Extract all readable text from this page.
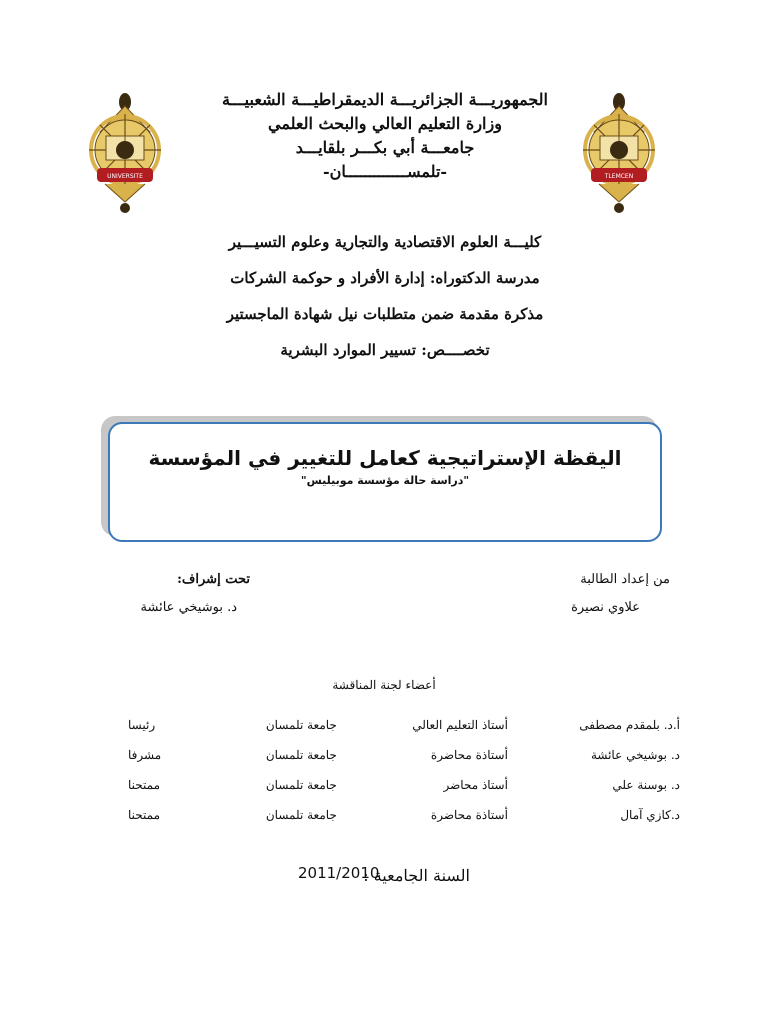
UNIVERSITE	TLEMCEN
الجمهوريـــة الجزائريـــة الديمقراطيـــة الشعبيـــة
وزارة التعليم العالي والبحث العلمي
جامعـــة أبي بكـــر بلقايـــد
-تلمســـــــــــــان-
كليـــة العلوم الاقتصادية والتجارية وعلوم التسيـــير
مدرسة الدكتوراه: إدارة الأفراد و حوكمة الشركات
مذكرة مقدمة ضمن متطلبات نيل شهادة الماجستير
تخصــــص: تسيير الموارد البشرية
اليقظة الإستراتيجية كعامل للتغيير في المؤسسة
"دراسة حالة مؤسسة موبيليس"
من إعداد الطالبة
علاوي نصيرة
تحت إشراف:
د. بوشيخي عائشة
أعضاء لجنة المناقشة
أ.د. بلمقدم مصطفى	أستاذ التعليم العالي	جامعة تلمسان	رئيسا
د. بوشيخي عائشة	أستاذة محاضرة	جامعة تلمسان	مشرفا
د. بوسنة علي	أستاذ محاضر	جامعة تلمسان	ممتحنا
د.كازي آمال	أستاذة محاضرة	جامعة تلمسان	ممتحنا
السنة الجامعية :
2011/2010
